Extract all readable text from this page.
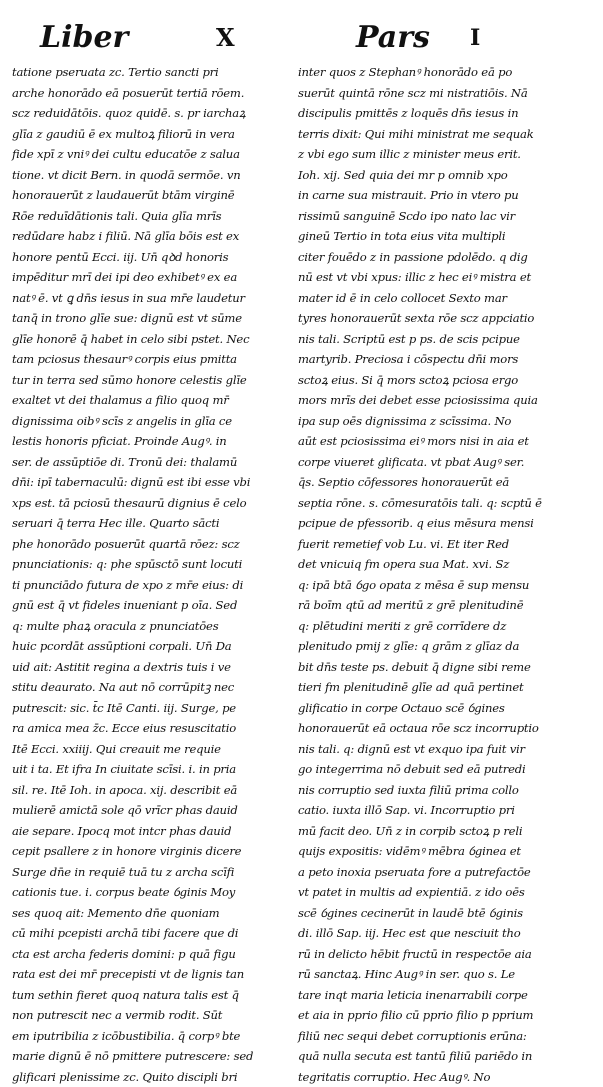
Liber	X	Pars I
tatione pseruata zc. Tertio sancti pri
arche honorādo eā posuerūt tertiā rōem.
scz reduidātōis. quoz quidē. s. pr iarchaꝝ
glīa z gaudiū ē ex multoꝝ filiorū in vera
fide xpī z vniꝰ dei cultu educatōe z salua
tione. vt dicit Bern. in quodā sermōe. vn
honorauerūt z laudauerūt btām virginē
Rōe reduīdātionis tali. Quia glīa mrīs
redūdare habz i filiū. Nā glīa bōis est ex
honore pentū Ecci. iij. Un̄ qꝺd honoris
impēditur mrī dei ipi deo exhibetꝰ ex ea
natꝰ ē. vt ꝗ dn̄s iesus in sua mr̄e laudetur
tanq̄ in trono glīe sue: dignū est vt sūme
glīe honorē q̄ habet in celo sibi pstet. Nec
tam pciosus thesaurꝰ corpis eius pmitta
tur in terra sed sūmo honore celestis glīe
exaltet vt dei thalamus a filio quoq mr̄
dignissima oibꝰ scīs z angelis in glīa ce
lestis honoris pficiat. Proinde Augꝰ. in
ser. de assūptiōe di. Tronū dei: thalamū
dn̄i: ipī tabernaculū: dignū est ibi esse vbi
xps est. tā pciosū thesaurū dignius ē celo
seruari q̄ terra Hec ille. Quarto sācti
phe honorādo posuerūt quartā rōez: scz
pnunciationis: q: phe spūsctō sunt locuti
ti pnunciādo futura de xpo z mr̄e eius: di
gnū est q̄ vt fideles inueniant p oīa. Sed
q: multe phaꝝ oracula z pnunciatōes
huic pcordāt assūptioni corpali. Un̄ Da
uid ait: Astitit regina a dextris tuis i ve
stitu deaurato. Na aut nō corrūpitꝫ nec
putrescit: sic. t̄c Itē Canti. iij. Surge, pe
ra amica mea z̄c. Ecce eius resuscitatio
Itē Ecci. xxiiij. Qui creauit me requie
uit i ta. Et ifra In ciuitate scīsi. i. in pria
sil. re. Itē Ioh. in apoca. xij. describit eā
mulierē amictā sole qō vrīcr phas dauid
aie separe. Ipocq mot intcr phas dauid
cepit psallere z in honore virginis dicere
Surge dn̄e in requiē tuā tu z archa scīfi
cationis tue. i. corpus beate ỽginis Moy
ses quoq ait: Memento dn̄e quoniam
cū mihi pcepisti archā tibi facere que di
cta est archa federis domini: p quā figu
rata est dei mr̄ precepisti vt de lignis tan
tum sethin fieret quoq natura talis est q̄
non putrescit nec a vermib rodit. Sūt
em iputribilia z icōbustibilia. q̄ corpꝰ bte
marie dignū ē nō pmittere putrescere: sed
glificari plenissime zc. Quito discipli bri
inter quos z Stephanꝰ honorādo eā po
suerūt quintā rōne scz mi nistratiōis. Nā
discipulis pmittēs z loquēs dn̄s iesus in
terris dixit: Qui mihi ministrat me sequak
z vbi ego sum illic z minister meus erit.
Ioh. xij. Sed quia dei mr p omnib xpo
in carne sua mistrauit. Prio in vtero pu
rissimū sanguinē Scdo ipo nato lac vir
gineū Tertio in tota eius vita multipli
citer fouēdo z in passione pdolēdo. q dig
nū est vt vbi xpus: illic z hec eiꝰ mistra et
mater id ē in celo collocet Sexto mar
tyres honorauerūt sexta rōe scz appciatio
nis tali. Scriptū est p ps. de scis pcipue
martyrib. Preciosa i cōspectu dn̄i mors
sctoꝝ eius. Si q̄ mors sctoꝝ pciosa ergo
mors mrīs dei debet esse pciosissima quia
ipa sup oēs dignissima z scīssima. No
aūt est pciosissima eiꝰ mors nisi in aia et
corpe viueret glificata. vt pbat Augꝰ ser.
q̄s. Septio cōfessores honorauerūt eā
septia rōne. s. cōmesuratōis tali. q: scptū ē
pcipue de pfessorib. q eius mēsura mensi
fuerit remetief vob Lu. vi. Et iter Red
det vnicuiq fm opera sua Mat. xvi. Sz
q: ipā btā ỽgo opata z mēsa ē sup mensu
rā boīm qtū ad meritū z grē plenitudinē
q: plētudini meriti z grē corrīdere dz
plenitudo pmij z glīe: q grām z glīaz da
bit dn̄s teste ps. debuit q̄ digne sibi reme
tieri fm plenitudinē glīe ad quā pertinet
glificatio in corpe Octauo scē ỽgines
honorauerūt eā octaua rōe scz incorruptio
nis tali. q: dignū est vt exquo ipa fuit vir
go integerrima nō debuit sed eā putredi
nis corruptio sed iuxta filiū prima collo
catio. iuxta illō Sap. vi. Incorruptio pri
mū facit deo. Un̄ z in corpib sctoꝝ p reli
quijs expositis: vidēmꝰ mēbra ỽginea et
a peto inoxia pseruata fore a putrefactōe
vt patet in multis ad expientiā. z ido oēs
scē ỽgines cecinerūt in laudē btē ỽginis
di. illō Sap. iij. Hec est que nesciuit tho
rū in delicto hēbit fructū in respectōe aia
rū sanctaꝝ. Hinc Augꝰ in ser. quo s. Le
tare inqt maria leticia inenarrabili corpe
et aia in pprio filio cū pprio filio p pprium
filiū nec sequi debet corruptionis erūna:
quā nulla secuta est tantū filiū pariēdo in
tegritatis corruptio. Hec Augꝰ. No
